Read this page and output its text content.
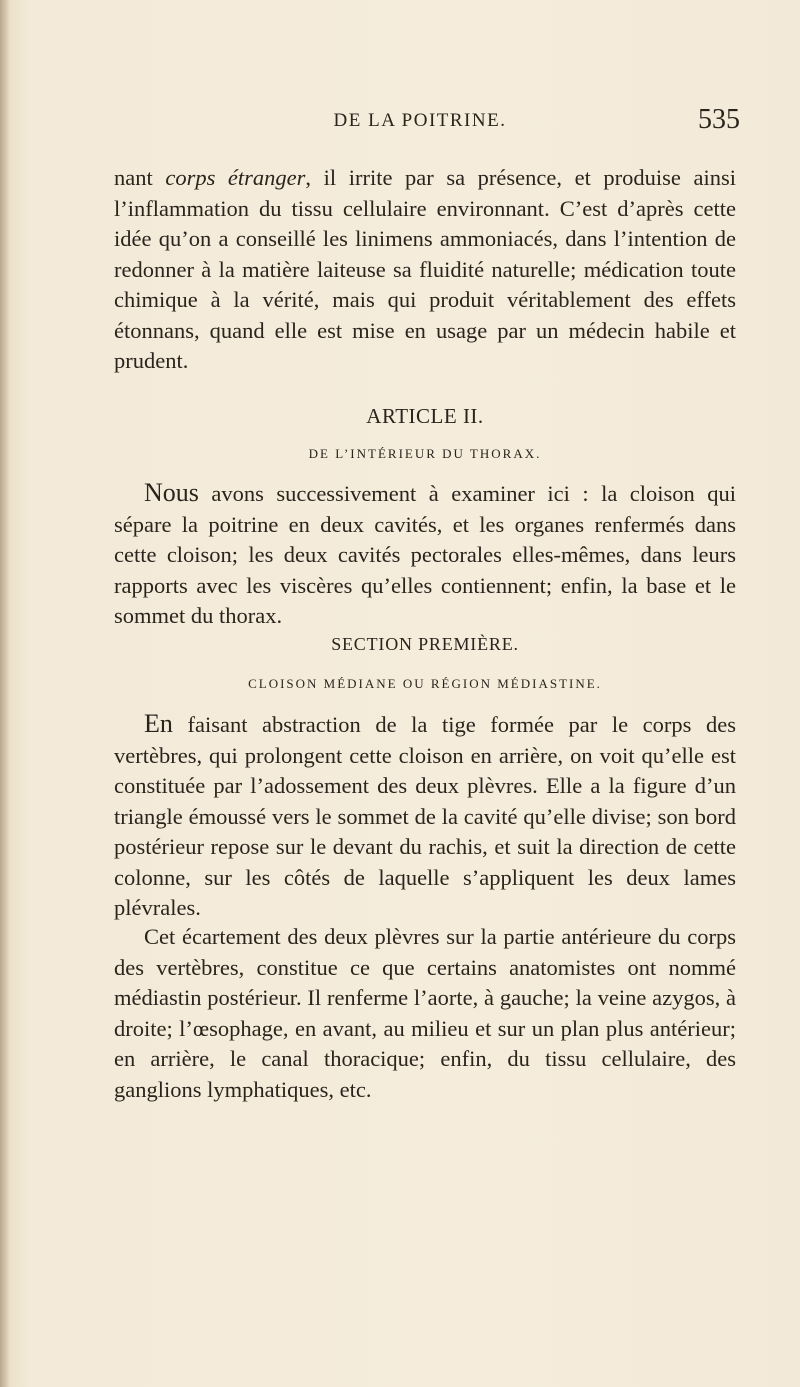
DE LA POITRINE.	535

nant corps étranger, il irrite par sa présence, et produise ainsi l’inflammation du tissu cellulaire environnant. C’est d’après cette idée qu’on a conseillé les linimens ammoniacés, dans l’intention de redonner à la matière laiteuse sa fluidité naturelle; médication toute chimique à la vérité, mais qui produit véritablement des effets étonnans, quand elle est mise en usage par un médecin habile et prudent.

ARTICLE II.

DE L’INTÉRIEUR DU THORAX.

Nous avons successivement à examiner ici : la cloison qui sépare la poitrine en deux cavités, et les organes renfermés dans cette cloison; les deux cavités pectorales elles-mêmes, dans leurs rapports avec les viscères qu’elles contiennent; enfin, la base et le sommet du thorax.

SECTION PREMIÈRE.

CLOISON MÉDIANE OU RÉGION MÉDIASTINE.

En faisant abstraction de la tige formée par le corps des vertèbres, qui prolongent cette cloison en arrière, on voit qu’elle est constituée par l’adossement des deux plèvres. Elle a la figure d’un triangle émoussé vers le sommet de la cavité qu’elle divise; son bord postérieur repose sur le devant du rachis, et suit la direction de cette colonne, sur les côtés de laquelle s’appliquent les deux lames plévrales.

Cet écartement des deux plèvres sur la partie antérieure du corps des vertèbres, constitue ce que certains anatomistes ont nommé médiastin postérieur. Il renferme l’aorte, à gauche; la veine azygos, à droite; l’œsophage, en avant, au milieu et sur un plan plus antérieur; en arrière, le canal thoracique; enfin, du tissu cellulaire, des ganglions lymphatiques, etc.
